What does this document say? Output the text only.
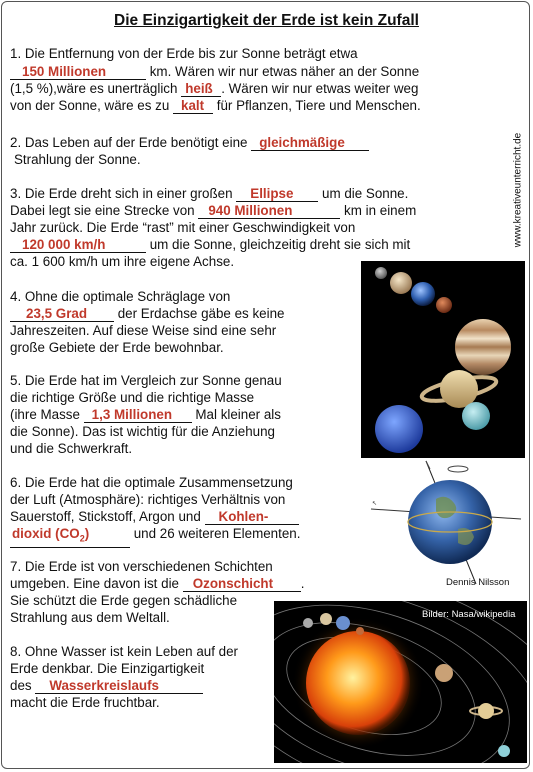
Die Einzigartigkeit der Erde ist kein Zufall
www.kreativeunterricht.de
1. Die Entfernung von der Erde bis zur Sonne beträgt etwa
150 Millionen	km. Wären wir nur etwas näher an der Sonne
(1,5 %),wäre es unerträglich heiß . Wären wir nur etwas weiter weg
von der Sonne, wäre es zu kalt für Pflanzen, Tiere und Menschen.
2. Das Leben auf der Erde benötigt eine gleichmäßige
Strahlung der Sonne.
3. Die Erde dreht sich in einer großen Ellipse um die Sonne.
Dabei legt sie eine Strecke von 940 Millionen	km in einem
Jahr zurück. Die Erde “rast” mit einer Geschwindigkeit von
120 000 km/h	um die Sonne, gleichzeitig dreht sie sich mit
ca. 1 600 km/h um ihre eigene Achse.
4. Ohne die optimale Schräglage von
23,5 Grad der Erdachse gäbe es keine
Jahreszeiten. Auf diese Weise sind eine sehr
große Gebiete der Erde bewohnbar.
5. Die Erde hat im Vergleich zur Sonne genau
die richtige Größe und die richtige Masse
(ihre Masse 1,3 Millionen Mal kleiner als
die Sonne). Das ist wichtig für die Anziehung
und die Schwerkraft.
6. Die Erde hat die optimale Zusammensetzung
der Luft (Atmosphäre): richtiges Verhältnis von
Sauerstoff, Stickstoff, Argon und Kohlen-
dioxid $(CO_2)$	und 26 weiteren Elementen.
7. Die Erde ist von verschiedenen Schichten
umgeben. Eine davon ist die Ozonschicht .
Sie schützt die Erde gegen schädliche
Strahlung aus dem Weltall.
8. Ohne Wasser ist kein Leben auf der
Erde denkbar. Die Einzigartigkeit
des Wasserkreislaufs
macht die Erde fruchtbar.
↖
Dennis Nilsson
Bilder: Nasa/wikipedia
